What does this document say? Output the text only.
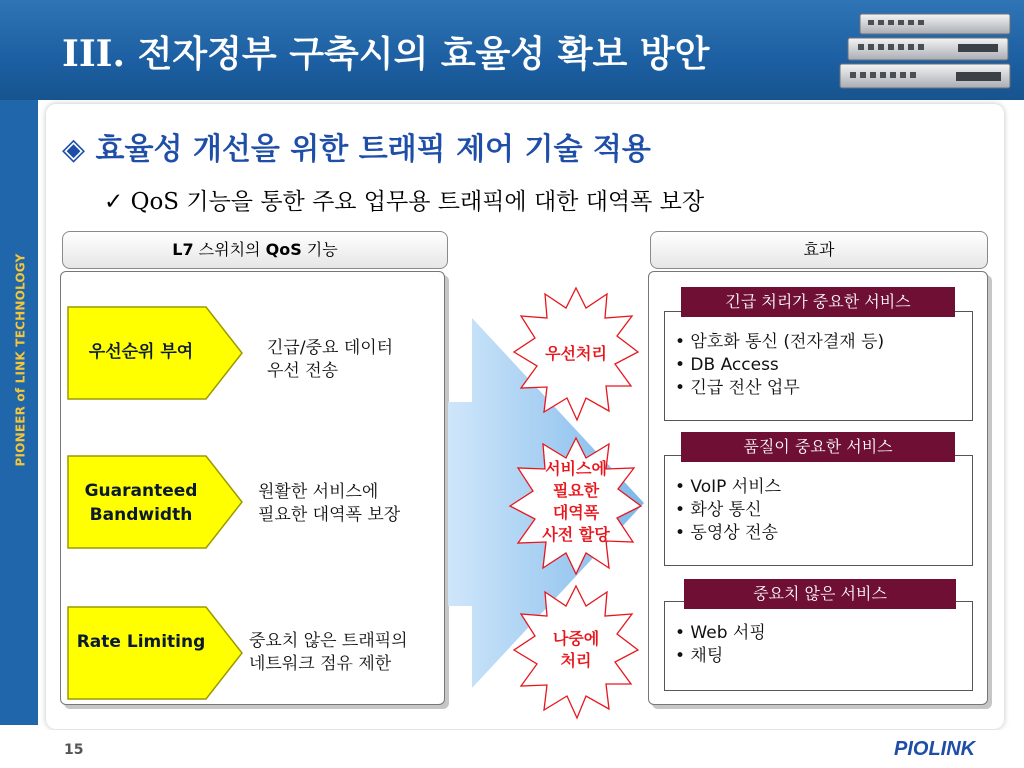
III. 전자정부 구축시의 효율성 확보 방안
PIONEER of LINK TECHNOLOGY
◈ 효율성 개선을 위한 트래픽 제어 기술 적용
✓ QoS 기능을 통한 주요 업무용 트래픽에 대한 대역폭 보장
L7 스위치의 QoS 기능	효과
우선순위 부여	긴급/중요 데이터
우선 전송
Guaranteed Bandwidth
원활한 서비스에
필요한 대역폭 보장
Rate Limiting	중요치 않은 트래픽의
네트워크 점유 제한
우선처리
서비스에
필요한
대역폭
사전 할당
나중에
처리
• 암호화 통신 (전자결재 등)
• DB Access
• 긴급 전산 업무
긴급 처리가 중요한 서비스
• VoIP 서비스
• 화상 통신
• 동영상 전송
품질이 중요한 서비스
• Web 서핑
• 채팅
중요치 않은 서비스
15	PIOLINK
